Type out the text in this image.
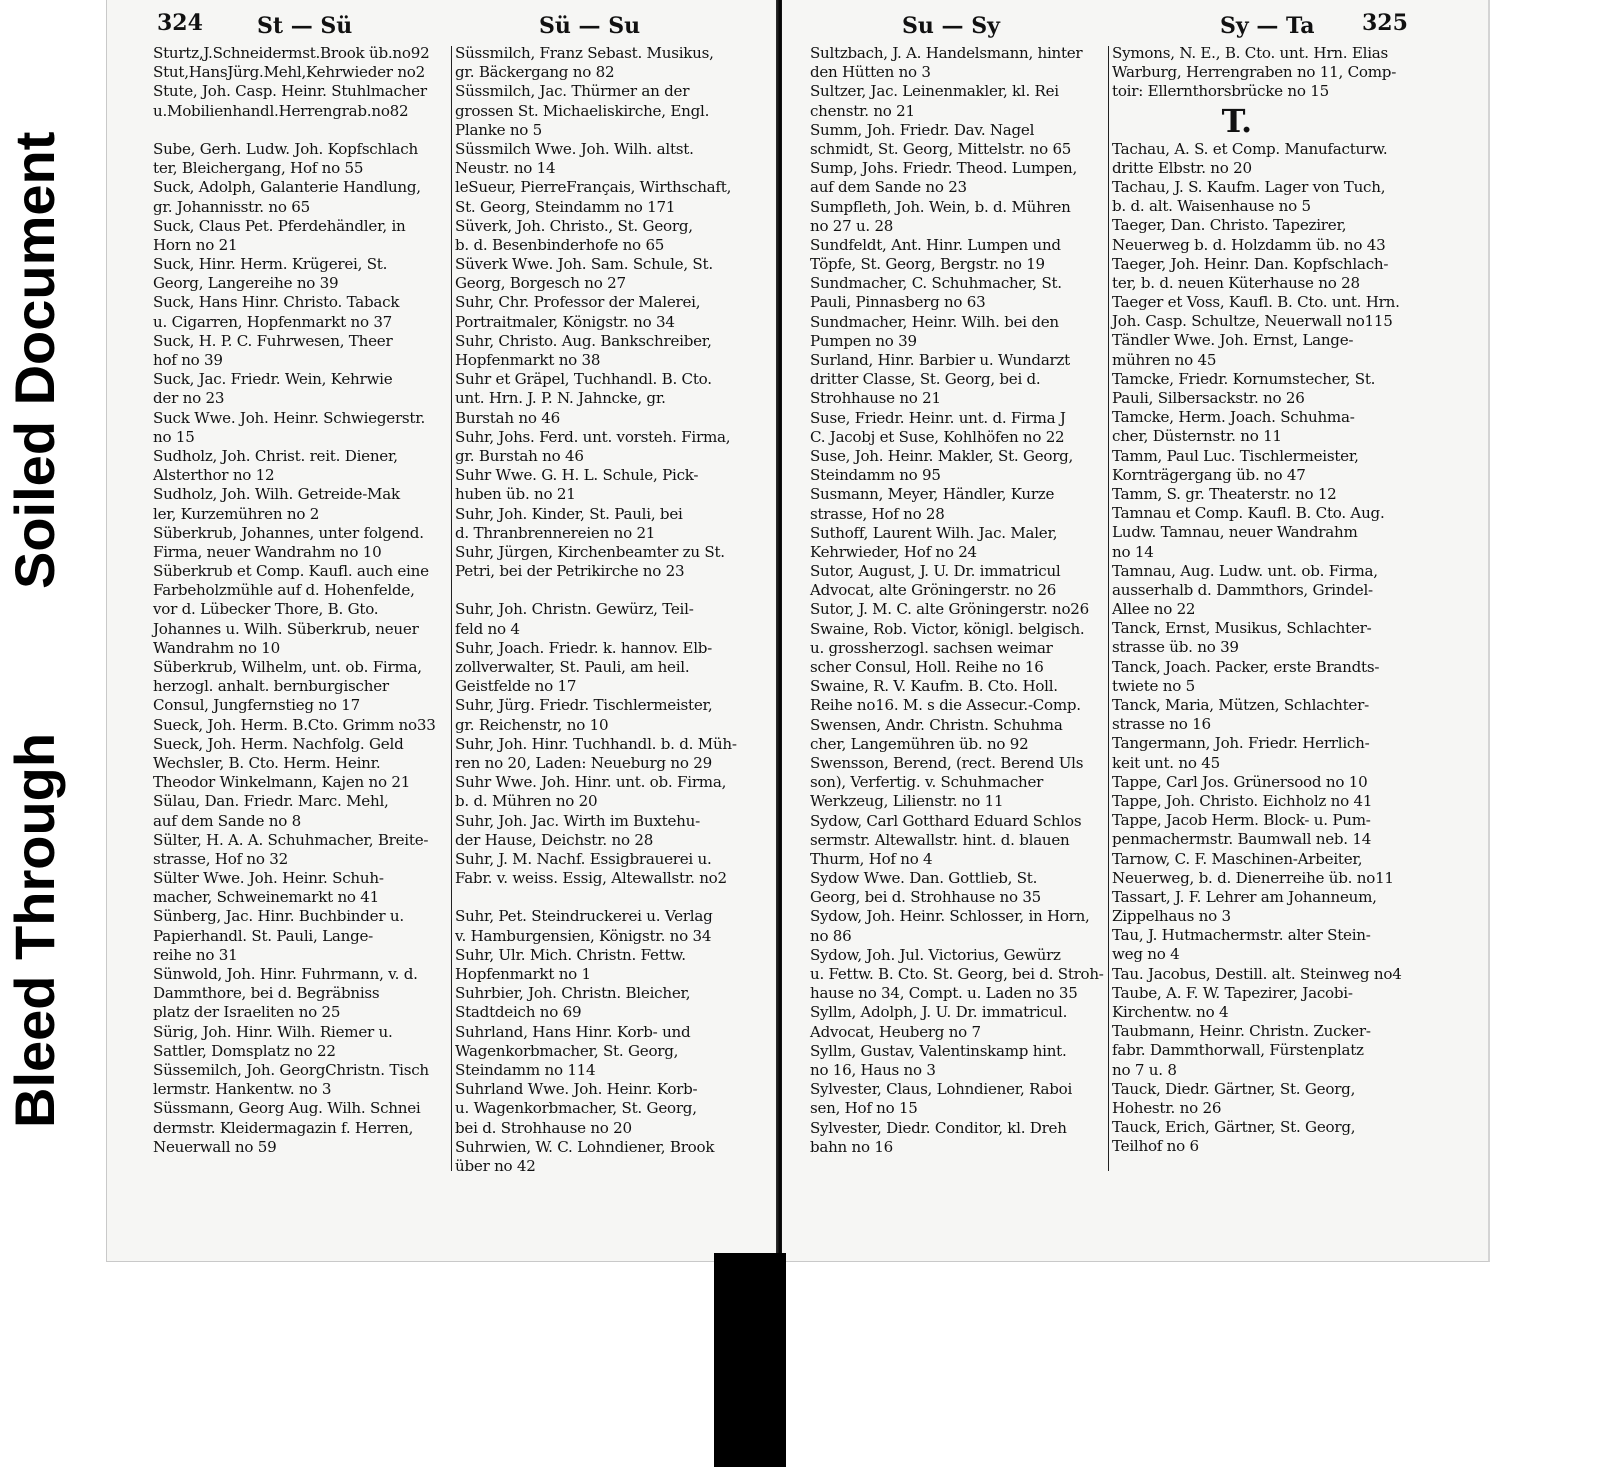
Soiled Document
Bleed Through
324 St — Sü	Sü — Su
Sturtz,J.Schneidermst.Brook üb.no92
Stut,HansJürg.Mehl,Kehrwieder no2
Stute, Joh. Casp. Heinr. Stuhlmacher
u.Mobilienhandl.Herrengrab.no82
Sube, Gerh. Ludw. Joh. Kopfschlach
ter, Bleichergang, Hof no 55
Suck, Adolph, Galanterie Handlung,
gr. Johannisstr. no 65
Suck, Claus Pet. Pferdehändler, in
Horn no 21
Suck, Hinr. Herm. Krügerei, St.
Georg, Langereihe no 39
Suck, Hans Hinr. Christo. Taback
u. Cigarren, Hopfenmarkt no 37
Suck, H. P. C. Fuhrwesen, Theer
hof no 39
Suck, Jac. Friedr. Wein, Kehrwie
der no 23
Suck Wwe. Joh. Heinr. Schwiegerstr.
no 15
Sudholz, Joh. Christ. reit. Diener,
Alsterthor no 12
Sudholz, Joh. Wilh. Getreide-Mak
ler, Kurzemühren no 2
Süberkrub, Johannes, unter folgend.
Firma, neuer Wandrahm no 10
Süberkrub et Comp. Kaufl. auch eine
Farbeholzmühle auf d. Hohenfelde,
vor d. Lübecker Thore, B. Gto.
Johannes u. Wilh. Süberkrub, neuer
Wandrahm no 10
Süberkrub, Wilhelm, unt. ob. Firma,
herzogl. anhalt. bernburgischer
Consul, Jungfernstieg no 17
Sueck, Joh. Herm. B.Cto. Grimm no33
Sueck, Joh. Herm. Nachfolg. Geld
Wechsler, B. Cto. Herm. Heinr.
Theodor Winkelmann, Kajen no 21
Sülau, Dan. Friedr. Marc. Mehl,
auf dem Sande no 8
Sülter, H. A. A. Schuhmacher, Breite-
strasse, Hof no 32
Sülter Wwe. Joh. Heinr. Schuh-
macher, Schweinemarkt no 41
Sünberg, Jac. Hinr. Buchbinder u.
Papierhandl. St. Pauli, Lange-
reihe no 31
Sünwold, Joh. Hinr. Fuhrmann, v. d.
Dammthore, bei d. Begräbniss
platz der Israeliten no 25
Sürig, Joh. Hinr. Wilh. Riemer u.
Sattler, Domsplatz no 22
Süssemilch, Joh. GeorgChristn. Tisch
lermstr. Hankentw. no 3
Süssmann, Georg Aug. Wilh. Schnei
dermstr. Kleidermagazin f. Herren,
Neuerwall no 59
Süssmilch, Franz Sebast. Musikus,
gr. Bäckergang no 82
Süssmilch, Jac. Thürmer an der
grossen St. Michaeliskirche, Engl.
Planke no 5
Süssmilch Wwe. Joh. Wilh. altst.
Neustr. no 14
leSueur, PierreFrançais, Wirthschaft,
St. Georg, Steindamm no 171
Süverk, Joh. Christo., St. Georg,
b. d. Besenbinderhofe no 65
Süverk Wwe. Joh. Sam. Schule, St.
Georg, Borgesch no 27
Suhr, Chr. Professor der Malerei,
Portraitmaler, Königstr. no 34
Suhr, Christo. Aug. Bankschreiber,
Hopfenmarkt no 38
Suhr et Gräpel, Tuchhandl. B. Cto.
unt. Hrn. J. P. N. Jahncke, gr.
Burstah no 46
Suhr, Johs. Ferd. unt. vorsteh. Firma,
gr. Burstah no 46
Suhr Wwe. G. H. L. Schule, Pick-
huben üb. no 21
Suhr, Joh. Kinder, St. Pauli, bei
d. Thranbrennereien no 21
Suhr, Jürgen, Kirchenbeamter zu St.
Petri, bei der Petrikirche no 23
Suhr, Joh. Christn. Gewürz, Teil-
feld no 4
Suhr, Joach. Friedr. k. hannov. Elb-
zollverwalter, St. Pauli, am heil.
Geistfelde no 17
Suhr, Jürg. Friedr. Tischlermeister,
gr. Reichenstr, no 10
Suhr, Joh. Hinr. Tuchhandl. b. d. Müh-
ren no 20, Laden: Neueburg no 29
Suhr Wwe. Joh. Hinr. unt. ob. Firma,
b. d. Mühren no 20
Suhr, Joh. Jac. Wirth im Buxtehu-
der Hause, Deichstr. no 28
Suhr, J. M. Nachf. Essigbrauerei u.
Fabr. v. weiss. Essig, Altewallstr. no2
Suhr, Pet. Steindruckerei u. Verlag
v. Hamburgensien, Königstr. no 34
Suhr, Ulr. Mich. Christn. Fettw.
Hopfenmarkt no 1
Suhrbier, Joh. Christn. Bleicher,
Stadtdeich no 69
Suhrland, Hans Hinr. Korb- und
Wagenkorbmacher, St. Georg,
Steindamm no 114
Suhrland Wwe. Joh. Heinr. Korb-
u. Wagenkorbmacher, St. Georg,
bei d. Strohhause no 20
Suhrwien, W. C. Lohndiener, Brook
über no 42
Su — Sy	Sy — Ta 325
Sultzbach, J. A. Handelsmann, hinter
den Hütten no 3
Sultzer, Jac. Leinenmakler, kl. Rei
chenstr. no 21
Summ, Joh. Friedr. Dav. Nagel
schmidt, St. Georg, Mittelstr. no 65
Sump, Johs. Friedr. Theod. Lumpen,
auf dem Sande no 23
Sumpfleth, Joh. Wein, b. d. Mühren
no 27 u. 28
Sundfeldt, Ant. Hinr. Lumpen und
Töpfe, St. Georg, Bergstr. no 19
Sundmacher, C. Schuhmacher, St.
Pauli, Pinnasberg no 63
Sundmacher, Heinr. Wilh. bei den
Pumpen no 39
Surland, Hinr. Barbier u. Wundarzt
dritter Classe, St. Georg, bei d.
Strohhause no 21
Suse, Friedr. Heinr. unt. d. Firma J
C. Jacobj et Suse, Kohlhöfen no 22
Suse, Joh. Heinr. Makler, St. Georg,
Steindamm no 95
Susmann, Meyer, Händler, Kurze
strasse, Hof no 28
Suthoff, Laurent Wilh. Jac. Maler,
Kehrwieder, Hof no 24
Sutor, August, J. U. Dr. immatricul
Advocat, alte Gröningerstr. no 26
Sutor, J. M. C. alte Gröningerstr. no26
Swaine, Rob. Victor, königl. belgisch.
u. grossherzogl. sachsen weimar
scher Consul, Holl. Reihe no 16
Swaine, R. V. Kaufm. B. Cto. Holl.
Reihe no16. M. s die Assecur.-Comp.
Swensen, Andr. Christn. Schuhma
cher, Langemühren üb. no 92
Swensson, Berend, (rect. Berend Uls
son), Verfertig. v. Schuhmacher
Werkzeug, Lilienstr. no 11
Sydow, Carl Gotthard Eduard Schlos
sermstr. Altewallstr. hint. d. blauen
Thurm, Hof no 4
Sydow Wwe. Dan. Gottlieb, St.
Georg, bei d. Strohhause no 35
Sydow, Joh. Heinr. Schlosser, in Horn,
no 86
Sydow, Joh. Jul. Victorius, Gewürz
u. Fettw. B. Cto. St. Georg, bei d. Stroh-
hause no 34, Compt. u. Laden no 35
Syllm, Adolph, J. U. Dr. immatricul.
Advocat, Heuberg no 7
Syllm, Gustav, Valentinskamp hint.
no 16, Haus no 3
Sylvester, Claus, Lohndiener, Raboi
sen, Hof no 15
Sylvester, Diedr. Conditor, kl. Dreh
bahn no 16
Symons, N. E., B. Cto. unt. Hrn. Elias
Warburg, Herrengraben no 11, Comp-
toir: Ellernthorsbrücke no 15
T.
Tachau, A. S. et Comp. Manufacturw.
dritte Elbstr. no 20
Tachau, J. S. Kaufm. Lager von Tuch,
b. d. alt. Waisenhause no 5
Taeger, Dan. Christo. Tapezirer,
Neuerweg b. d. Holzdamm üb. no 43
Taeger, Joh. Heinr. Dan. Kopfschlach-
ter, b. d. neuen Küterhause no 28
Taeger et Voss, Kaufl. B. Cto. unt. Hrn.
Joh. Casp. Schultze, Neuerwall no115
Tändler Wwe. Joh. Ernst, Lange-
mühren no 45
Tamcke, Friedr. Kornumstecher, St.
Pauli, Silbersackstr. no 26
Tamcke, Herm. Joach. Schuhma-
cher, Düsternstr. no 11
Tamm, Paul Luc. Tischlermeister,
Kornträgergang üb. no 47
Tamm, S. gr. Theaterstr. no 12
Tamnau et Comp. Kaufl. B. Cto. Aug.
Ludw. Tamnau, neuer Wandrahm
no 14
Tamnau, Aug. Ludw. unt. ob. Firma,
ausserhalb d. Dammthors, Grindel-
Allee no 22
Tanck, Ernst, Musikus, Schlachter-
strasse üb. no 39
Tanck, Joach. Packer, erste Brandts-
twiete no 5
Tanck, Maria, Mützen, Schlachter-
strasse no 16
Tangermann, Joh. Friedr. Herrlich-
keit unt. no 45
Tappe, Carl Jos. Grünersood no 10
Tappe, Joh. Christo. Eichholz no 41
Tappe, Jacob Herm. Block- u. Pum-
penmachermstr. Baumwall neb. 14
Tarnow, C. F. Maschinen-Arbeiter,
Neuerweg, b. d. Dienerreihe üb. no11
Tassart, J. F. Lehrer am Johanneum,
Zippelhaus no 3
Tau, J. Hutmachermstr. alter Stein-
weg no 4
Tau. Jacobus, Destill. alt. Steinweg no4
Taube, A. F. W. Tapezirer, Jacobi-
Kirchentw. no 4
Taubmann, Heinr. Christn. Zucker-
fabr. Dammthorwall, Fürstenplatz
no 7 u. 8
Tauck, Diedr. Gärtner, St. Georg,
Hohestr. no 26
Tauck, Erich, Gärtner, St. Georg,
Teilhof no 6
